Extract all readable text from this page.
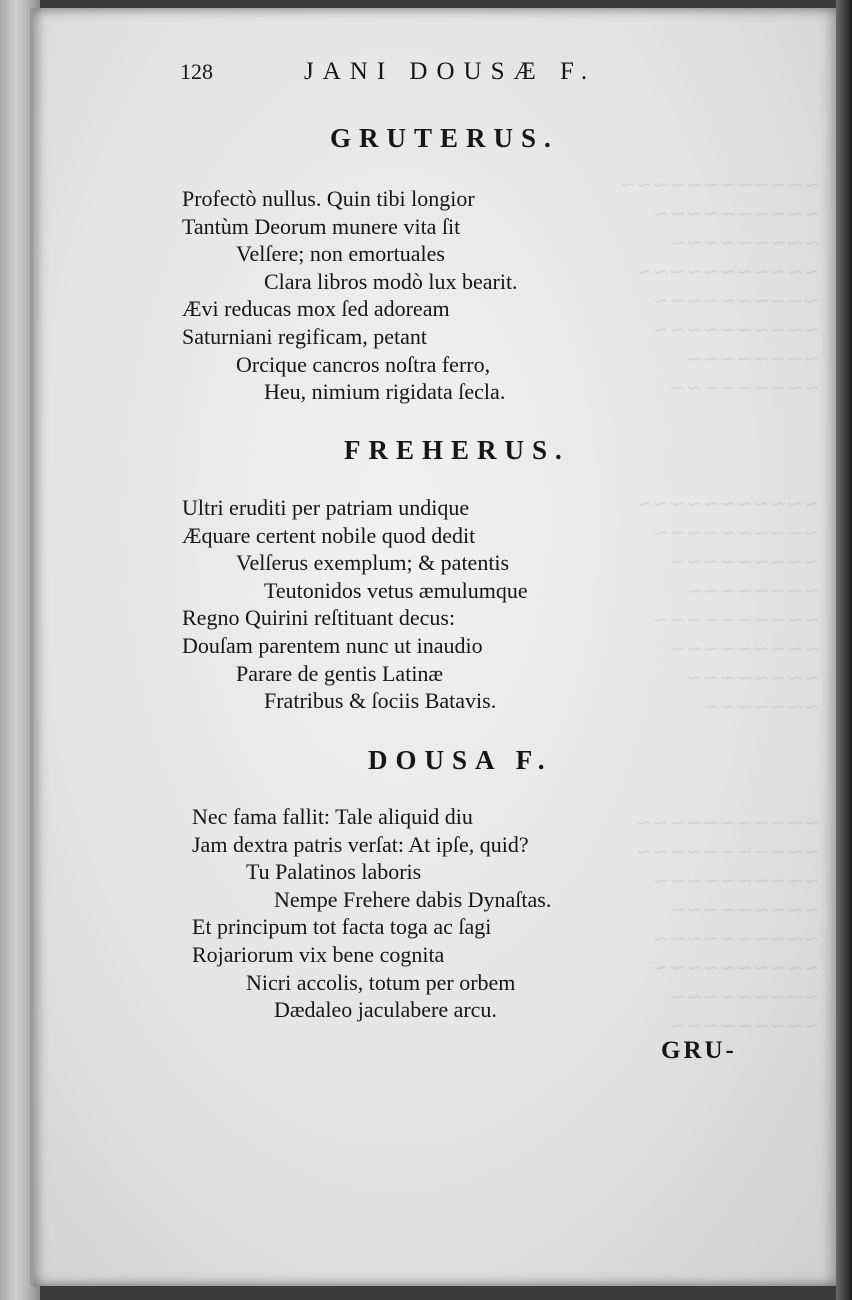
128	JANI DOUSÆ F.
GRUTERUS.
Profectò nullus. Quin tibi longior
Tantùm Deorum munere vita ſit
Velſere; non emortuales
Clara libros modò lux bearit.
Ævi reducas mox ſed adoream
Saturniani regificam, petant
Orcique cancros noſtra ferro,
Heu, nimium rigidata ſecla.
FREHERUS.
Ultri eruditi per patriam undique
Æquare certent nobile quod dedit
Velſerus exemplum; & patentis
Teutonidos vetus æmulumque
Regno Quirini reſtituant decus:
Douſam parentem nunc ut inaudio
Parare de gentis Latinæ
Fratribus & ſociis Batavis.
DOUSA F.
Nec fama fallit: Tale aliquid diu
Jam dextra patris verſat: At ipſe, quid?
Tu Palatinos laboris
Nempe Frehere dabis Dynaſtas.
Et principum tot facta toga ac ſagi
Rojariorum vix bene cognita
Nicri accolis, totum per orbem
Dædaleo jaculabere arcu.
GRU-
